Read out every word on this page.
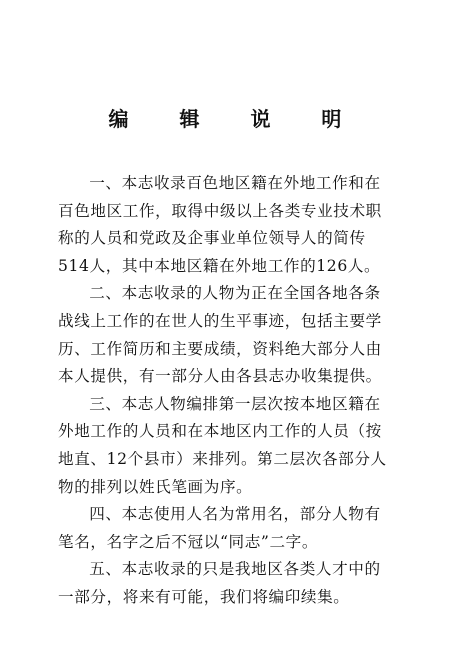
编 辑 说 明
一、本志收录百色地区籍在外地工作和在
百色地区工作，取得中级以上各类专业技术职
称的人员和党政及企事业单位领导人的简传
514人，其中本地区籍在外地工作的126人。
二、本志收录的人物为正在全国各地各条
战线上工作的在世人的生平事迹，包括主要学
历、工作简历和主要成绩，资料绝大部分人由
本人提供，有一部分人由各县志办收集提供。
三、本志人物编排第一层次按本地区籍在
外地工作的人员和在本地区内工作的人员（按
地直、12个县市）来排列。第二层次各部分人
物的排列以姓氏笔画为序。
四、本志使用人名为常用名，部分人物有
笔名，名字之后不冠以“同志”二字。
五、本志收录的只是我地区各类人才中的
一部分，将来有可能，我们将编印续集。
